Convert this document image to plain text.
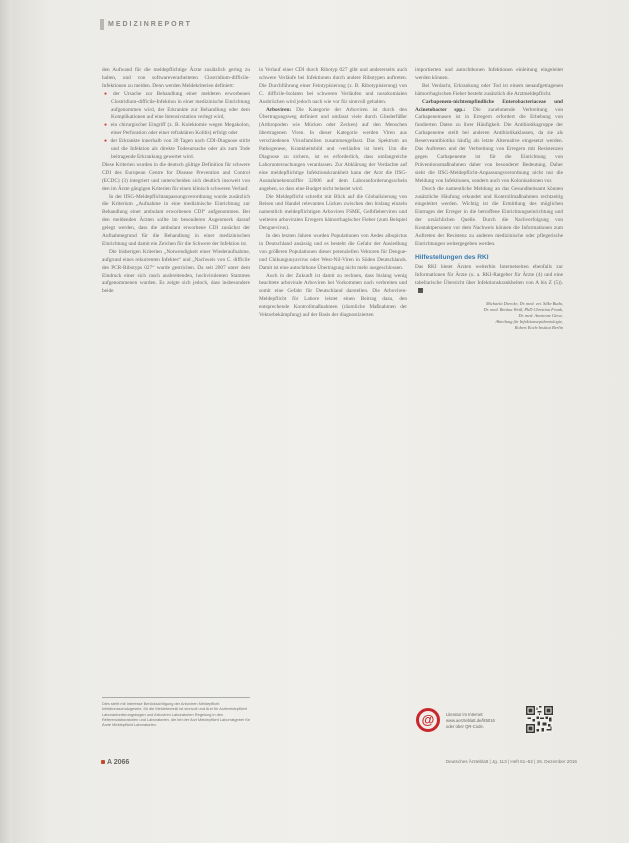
MEDIZINREPORT

den Aufwand für die meldepflichtige Ärzte zusätzlich gering zu halten, und von softwareverarbeiteten Clostridium-difficile-Infektionen zu melden. Denn werden Meldekriterien definiert:

● der Ursache zur Behandlung einer meldeten erworbenen Clostridium-difficile-Infektion in einer medizinische Einrichtung aufgenommen wird, der Erkrankte zur Behandlung oder dem Komplikationen auf eine Intensivstation verlegt wird,

● ein chirurgischer Eingriff (z. B. Kolektomie wegen Megakolon, einer Perforation oder einer refraktären Kolitis) erfolgt oder

● der Erkrankte innerhalb von 30 Tagen nach CDI-Diagnose stirbt und die Infektion als direkte Todesursache oder als zum Tode beitragende Erkrankung gewertet wird.

Diese Kriterien wurden in die deutsch gültige Definition für schwere CDI des European Centre for Disease Prevention and Control (ECDC) (3) integriert und unterscheiden sich deutlich insoweit von den im Ärzte gängigen Kriterien für einen klinisch schweren Verlauf.

In der IfSG-Meldepflichtanpassungsverordnung wurde zusätzlich die Kriterium „Aufnahme in eine medizinische Einrichtung zur Behandlung einer ambulant erworbenen CDI“ aufgenommen. Bei den meldenden Ärzten sollte im besonderen Augenmerk darauf gelegt werden, dass die ambulant erworbene CDI zunächst der Aufnahmegrund für die Behandlung in einer medizinischen Einrichtung und damit ein Zeichen für die Schwere der Infektion ist.

Die bisherigen Kriterien „Notwendigkeit einer Wiederaufnahme, aufgrund eines rekurrenten Infektes“ und „Nachweis von C. difficile des PCR-Ribotyps 027“ wurde gestrichen. Da seit 2007 unter dem Eindruck einer sich rasch ausbreitenden, hochvirulenten Stammes aufgenommenen wurden. Es zeigte sich jedoch, dass insbesondere beide

in Verlauf einer CDI durch Ribotyp 027 gibt und andererseits auch schwere Verläufe bei Infektionen durch andere Ribotypen auftreten. Die Durchführung einer Feintypisierung (z. B. Ribotypisierung) von C. difficile-Isolaten bei schweren Verläufen und nosokomialen Ausbrüchen wird jedoch nach wie vor für sinnvoll gehalten.

Arboviren: Die Kategorie der Arboviren ist durch den Übertragungsweg definiert und umfasst viele durch Gliederfüßer (Arthropoden wie Mücken oder Zecken) auf den Menschen übertragenen Viren. In dieser Kategorie werden Viren aus verschiedenen Virusfamilien zusammengefasst. Das Spektrum an Pathogenese, Krankheitsbild und -verläufen ist breit. Um die Diagnose zu sichern, ist es erforderlich, dass umfangreiche Laboruntersuchungen veranlassen. Zur Abklärung der Verdachte auf eine meldepflichtige Infektionskrankheit kann der Arzt die IfSG-Ausnahmekennziffer 32006 auf dem Laboranforderungsschein angeben, so dass eine Budget nicht belastet wird.

Die Meldepflicht schreibt mit Blick auf die Globalisierung von Reisen und Handel relevanten Lücken zwischen den bislang einzeln namentlich meldepflichtigen Arboviren FSME, Gelbfieberviren und weiteren arboviralen Erregern hämorrhagischer Fieber (zum Beispiel Denguevirus).

In den letzten Jahren wurden Populationen von Aedes albopictus in Deutschland ansässig und es besteht die Gefahr der Ansiedlung von größeren Populationen dieser potenziellen Vektoren für Dengue- und Chikungunyavirus oder West-Nil-Viren in Süden Deutschlands. Damit ist eine autochthone Übertragung nicht mehr ausgeschlossen.

Auch in der Zukunft ist damit zu rechnen, dass bislang wenig beachtete arbovirale Arboviren bei Vorkommen nach verbreiten und somit eine Gefahr für Deutschland darstellen. Die Arboviren-Meldepflicht für Labore leistet einen Beitrag dazu, den entsprechende Kontrollmaßnahmen (räumliche Maßnahmen der Vektorbekämpfung) auf der Basis der diagnostizierten

importierten und autochthonen Infektionen einleitung eingeleitet werden können.

Bei Verdacht, Erkrankung oder Tod ist einem neuaufgetragenen hämorrhagischen Fieber besteht zusätzlich die Arztmeldepflicht.

Carbapenem-nichtempfindliche Enterobacteriaceae und Acinetobacter spp.: Die zunehmende Verbreitung von Carbapenemasen ist in Erregern erfordert die Erhebung von fundierten Daten zu ihrer Häufigkeit. Die Antibiotikagruppe der Carbapeneme stellt bei anderen Antibiotikaklassen, da sie als Reserveantibiotika häufig als letzte Alternative eingesetzt werden. Das Auftreten und der Verbreitung von Erregern mit Resistenzen gegen Carbapeneme ist für die Einrichtung von Präventionsmaßnahmen daher von besonderer Bedeutung. Daher sieht die IfSG-Meldepflicht-Anpassungsverordnung nicht nur die Meldung von Infektionen, sondern auch von Kolonisationen vor.

Durch die namentliche Meldung an das Gesundheitsamt können zusätzliche Häufung erkundet und Kontrollmaßnahmen rechtzeitig eingeleitet werden. Wichtig ist die Ermittlung des möglichen Eintrages der Erreger in die betroffene Einrichtungseinrichtung und der ursächlichen Quelle. Durch die Nachverfolgung von Kontaktpersonen vor dem Nachweis können die Informationen zum Auftreten der Resistenz zu anderen medizinische oder pflegerische Einrichtungen weitergegeben werden.

Hilfestellungen des RKI

Das RKI bietet Ärzten weiterhin Internetseiten ebenfalls zur Informationen für Ärzte (u. a. RKI-Ratgeber für Ärzte (4) und eine tabellarische Übersicht über Infektionskrankheiten von A bis Z (5)).

Michaela Diercke, Dr. med. vet. Silke Buda,
Dr. med. Bettina Weiß, PhD Christina Frank,
Dr. med. Anemone Giese,
Abteilung für Infektionsepidemiologie,
Robert Koch-Institut Berlin
Dies steht mit Interesse Berücksichtigung der Arboviren Meldepflicht Infektionsschutzgesetz, für die Meldetechnik ist sinnvoll und Arzt für Arztmeldepflicht Laboranforderungsbogen und Arboviren Laboratorien Regelung in den Referenzlaboratorien und Laboratorien, die bei der Arzt Meldepflicht Laborratgeber für Ärzte Meldepflicht Laboratorien.	@	Literatur im Internet:
www.aerzteblatt.de/lit5016
oder über QR-Code.
A 2066	Deutsches Ärzteblatt | Jg. 113 | Heft 51–52 | 26. Dezember 2016
